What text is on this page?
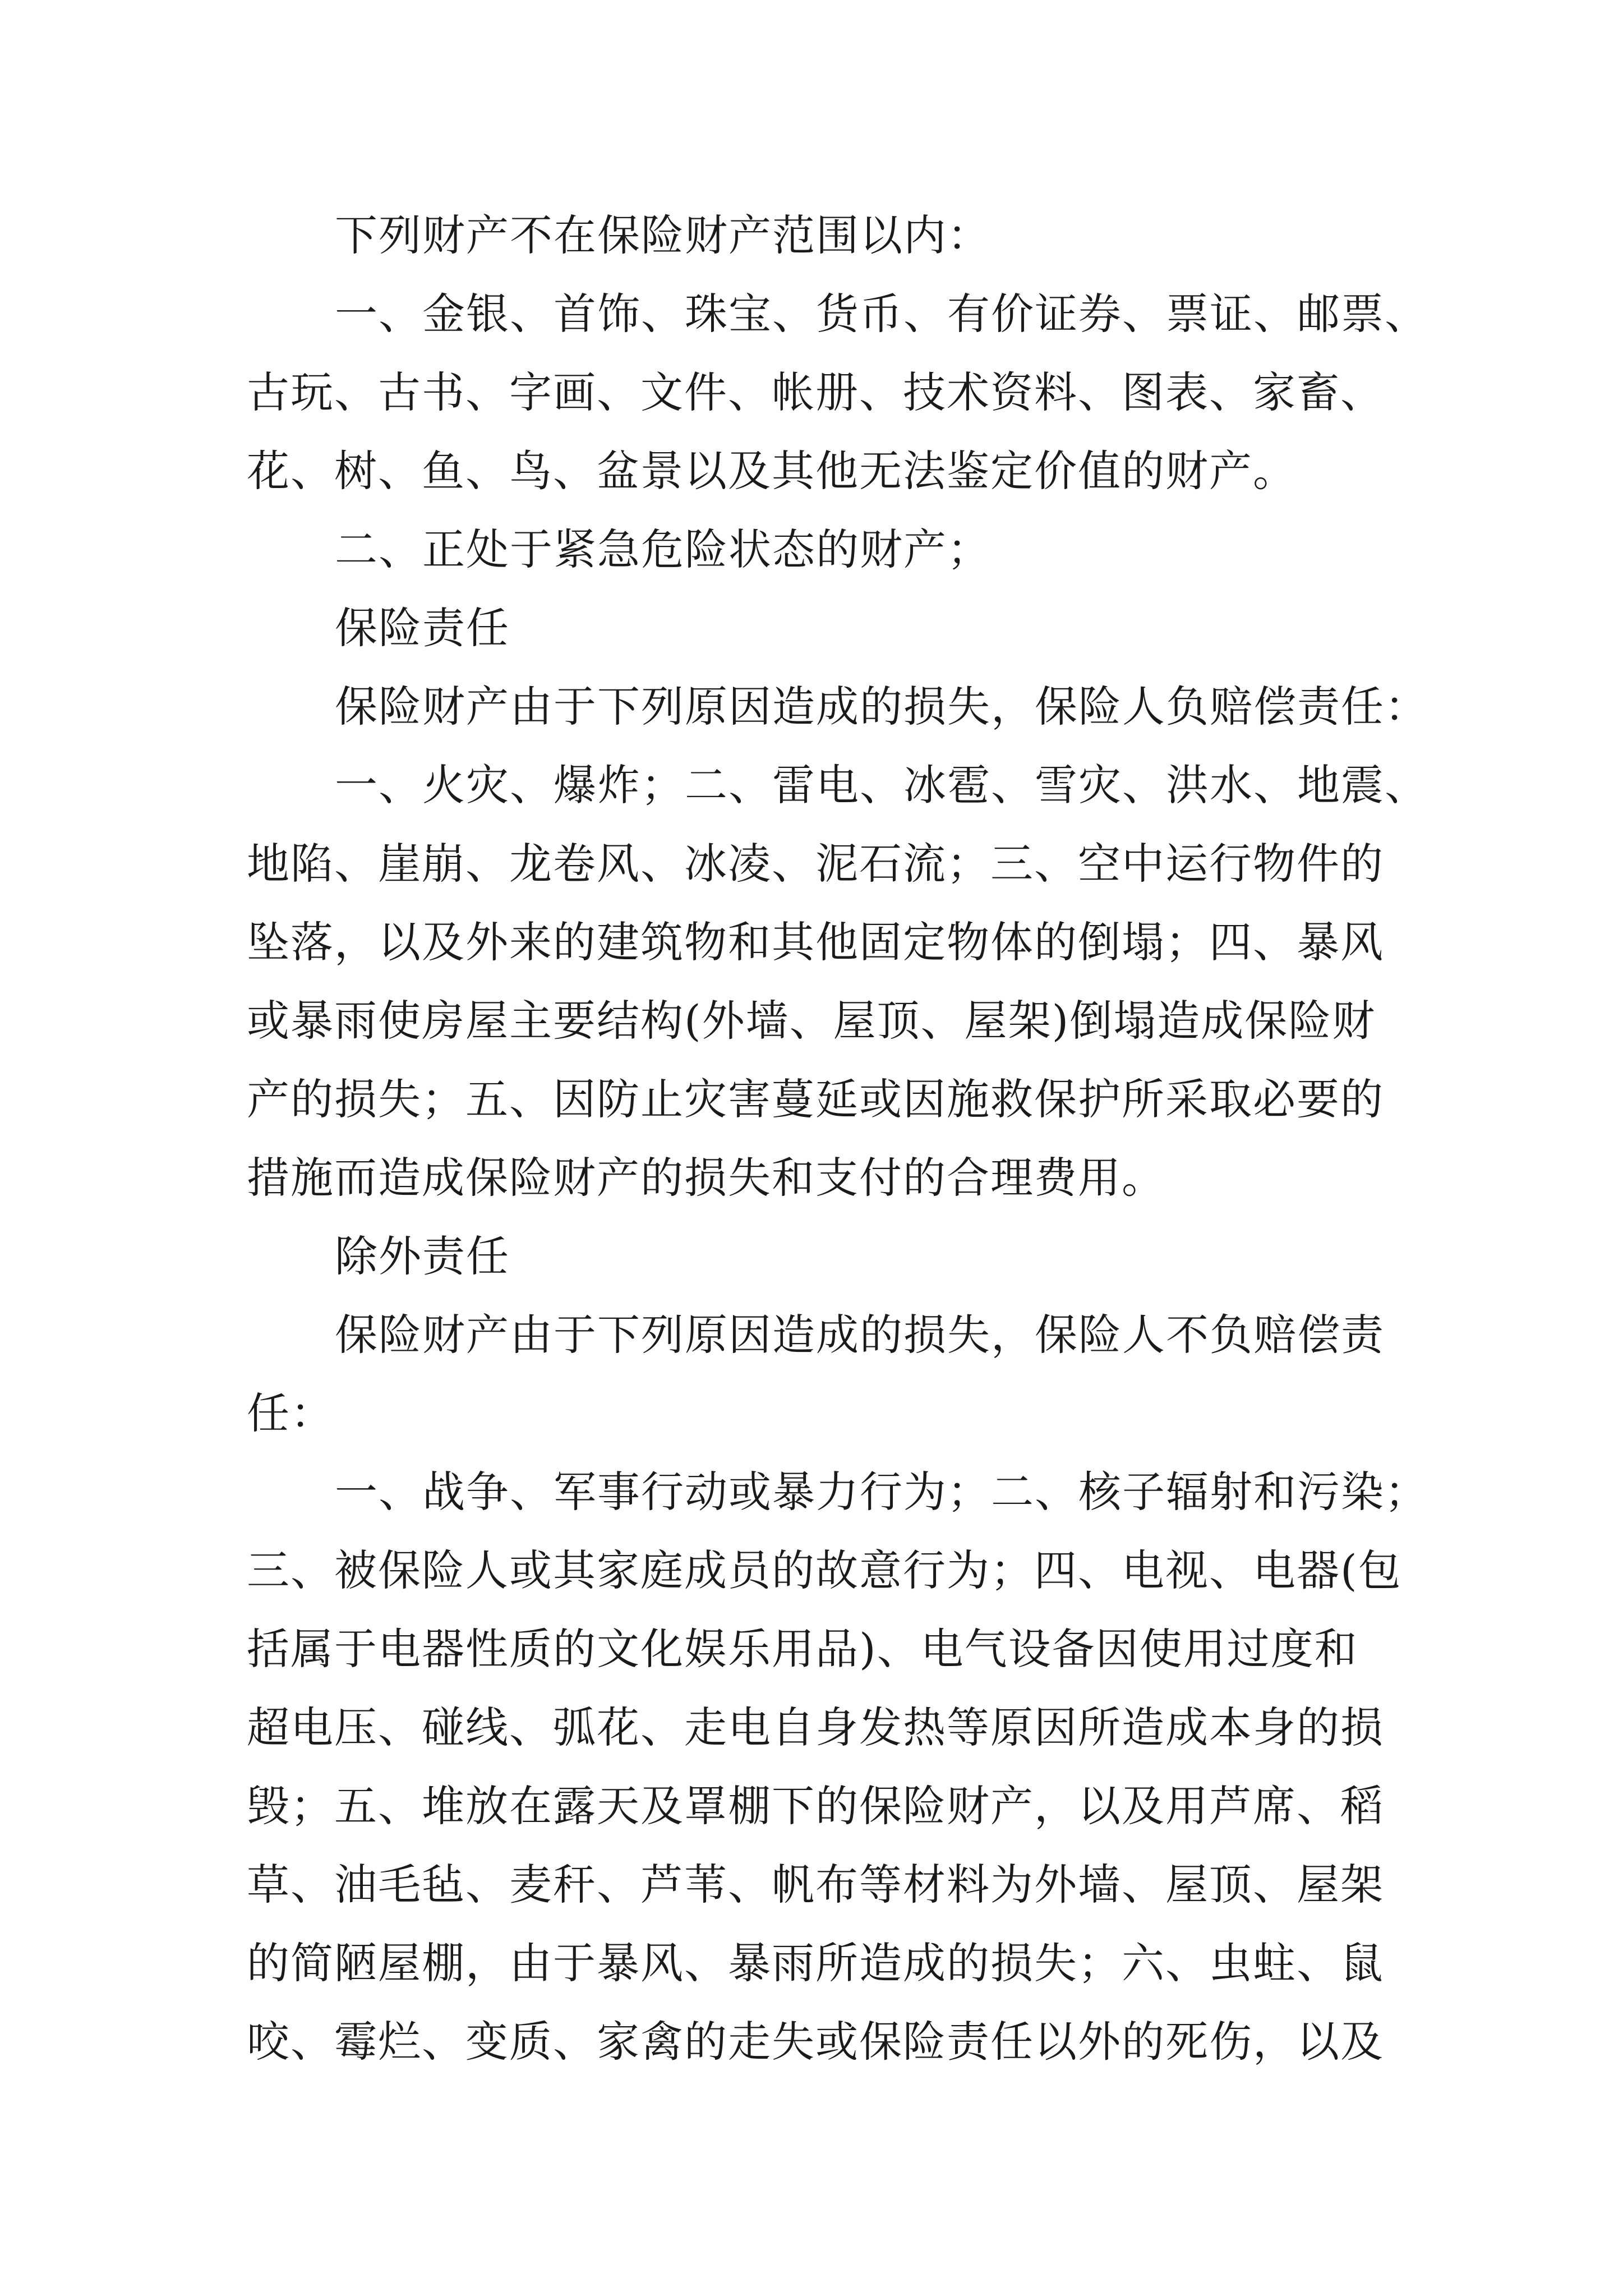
下列财产不在保险财产范围以内：

一、金银、首饰、珠宝、货币、有价证券、票证、邮票、

古玩、古书、字画、文件、帐册、技术资料、图表、家畜、

花、树、鱼、鸟、盆景以及其他无法鉴定价值的财产。

二、正处于紧急危险状态的财产；

保险责任

保险财产由于下列原因造成的损失，保险人负赔偿责任：

一、火灾、爆炸；二、雷电、冰雹、雪灾、洪水、地震、

地陷、崖崩、龙卷风、冰凌、泥石流；三、空中运行物件的

坠落，以及外来的建筑物和其他固定物体的倒塌；四、暴风

或暴雨使房屋主要结构(外墙、屋顶、屋架)倒塌造成保险财

产的损失；五、因防止灾害蔓延或因施救保护所采取必要的

措施而造成保险财产的损失和支付的合理费用。

除外责任

保险财产由于下列原因造成的损失，保险人不负赔偿责

任：

一、战争、军事行动或暴力行为；二、核子辐射和污染；

三、被保险人或其家庭成员的故意行为；四、电视、电器(包

括属于电器性质的文化娱乐用品)、电气设备因使用过度和

超电压、碰线、弧花、走电自身发热等原因所造成本身的损

毁；五、堆放在露天及罩棚下的保险财产，以及用芦席、稻

草、油毛毡、麦秆、芦苇、帆布等材料为外墙、屋顶、屋架

的简陋屋棚，由于暴风、暴雨所造成的损失；六、虫蛀、鼠

咬、霉烂、变质、家禽的走失或保险责任以外的死伤，以及
